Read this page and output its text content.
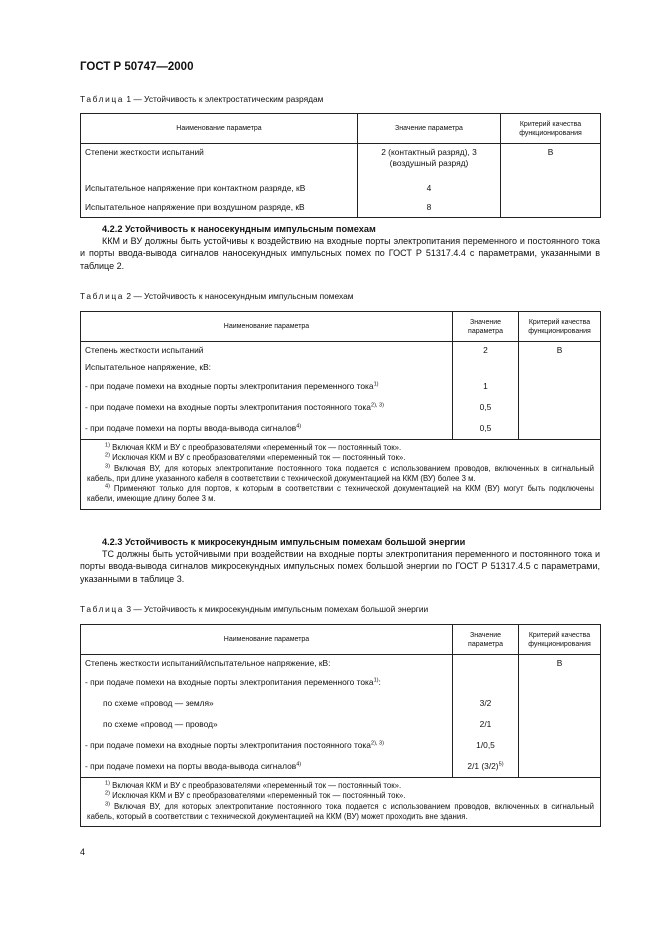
ГОСТ Р 50747—2000
Таблица 1 — Устойчивость к электростатическим разрядам
Наименование параметра	Значение параметра	Критерий качества функционирования
Степени жесткости испытаний	2 (контактный разряд), 3 (воздушный разряд)	B
Испытательное напряжение при контактном разряде, кВ	4	
Испытательное напряжение при воздушном разряде, кВ	8	
4.2.2 Устойчивость к наносекундным импульсным помехам

ККМ и ВУ должны быть устойчивы к воздействию на входные порты электропитания переменного и постоянного тока и порты ввода-вывода сигналов наносекундных импульсных помех по ГОСТ Р 51317.4.4 с параметрами, указанными в таблице 2.

Таблица 2 — Устойчивость к наносекундным импульсным помехам
Наименование параметра	Значение параметра	Критерий качества функционирования
Степень жесткости испытаний	2	B
Испытательное напряжение, кВ:		
- при подаче помехи на входные порты электропитания переменного тока$^{1)}$	1	
- при подаче помехи на входные порты электропитания постоянного тока$^{2), 3)}$	0,5	
- при подаче помехи на порты ввода-вывода сигналов$^{4)}$	0,5	

$^{1)}$ Включая ККМ и ВУ с преобразователями «переменный ток — постоянный ток».

$^{2)}$ Исключая ККМ и ВУ с преобразователями «переменный ток — постоянный ток».

$^{3)}$ Включая ВУ, для которых электропитание постоянного тока подается с использованием проводов, включенных в сигнальный кабель, при длине указанного кабеля в соответствии с технической документацией на ККМ (ВУ) более 3 м.

$^{4)}$ Применяют только для портов, к которым в соответствии с технической документацией на ККМ (ВУ) могут быть подключены кабели, имеющие длину более 3 м.		

4.2.3 Устойчивость к микросекундным импульсным помехам большой энергии

ТС должны быть устойчивыми при воздействии на входные порты электропитания переменного и постоянного тока и порты ввода-вывода сигналов микросекундных импульсных помех большой энергии по ГОСТ Р 51317.4.5 с параметрами, указанными в таблице 3.

Таблица 3 — Устойчивость к микросекундным импульсным помехам большой энергии
Наименование параметра	Значение параметра	Критерий качества функционирования
Степень жесткости испытаний/испытательное напряжение, кВ:		B
- при подаче помехи на входные порты электропитания переменного тока$^{1)}$:		
по схеме «провод — земля»	3/2	
по схеме «провод — провод»	2/1	
- при подаче помехи на входные порты электропитания постоянного тока$^{2), 3)}$	1/0,5	
- при подаче помехи на порты ввода-вывода сигналов$^{4)}$	2/1 $(3/2)^{5)}$	

$^{1)}$ Включая ККМ и ВУ с преобразователями «переменный ток — постоянный ток».

$^{2)}$ Исключая ККМ и ВУ с преобразователями «переменный ток — постоянный ток».

$^{3)}$ Включая ВУ, для которых электропитание постоянного тока подается с использованием проводов, включенных в сигнальный кабель, который в соответствии с технической документацией на ККМ (ВУ) может проходить вне здания.		

4
